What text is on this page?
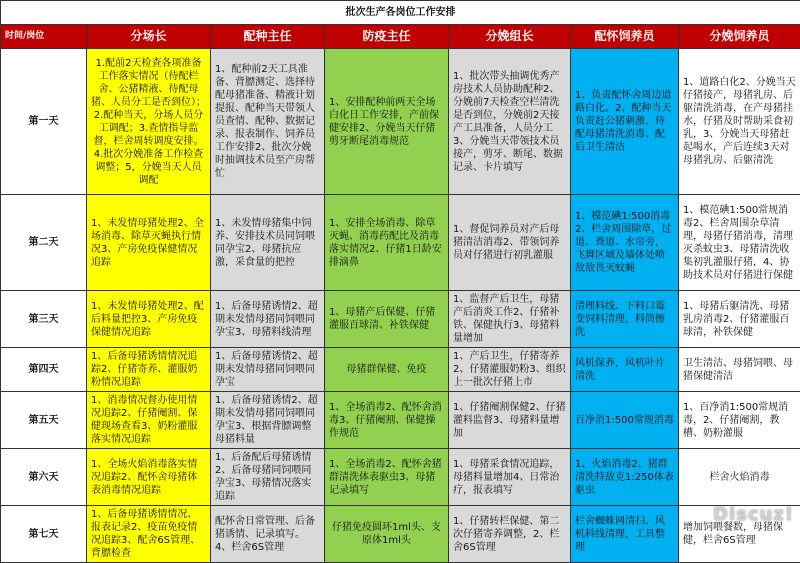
批次生产各岗位工作安排						
时间/岗位	分场长	配种主任	防疫主任	分娩组长	配怀饲养员	分娩饲养员
第一天	1.配前2天检查各项准备工作落实情况（待配栏舍、公猪精液、待配母猪、人员分工是否到位）；2.配种当天，分场人员分工调配；3.查情指导监督，栏舍周转调度安排。4.批次分娩准备工作检查调整；5，分娩当天人员调配	1、配种前2天工具准备、背膘测定、选择待配母猪准备、精液计划提报、配种当天带领人员查情、配种、数据记录、报表制作、饲养员工作安排2、批次分娩时抽调技术员至产房帮忙	1、安排配种前两天全场白化日工作安排，产前保健安排2、分娩当天仔猪剪牙断尾消毒规范	1、批次带头抽调优秀产房技术人员协助配种2、分娩前7天检查空栏清洗是否到位，分娩前2天接产工具准备，人员分工3、分娩当天带领技术员接产，剪牙、断尾、数据记录、卡片填写	1、负责配怀舍周边道路白化。2、配种当天负责赶公猪刺激、待配母猪清洗消毒、配后卫生清洁	1、道路白化2、分娩当天仔猪接产，母猪乳房、后躯清洗消毒，在产母猪挂水，仔猪及时帮助采食初乳，3、分娩当天母猪赶起喝水，产后连续3天对母猪乳房、后躯清洗
第二天	1、未发情母猪处理2、全场消毒、除草灭蝇执行情况3、产房免疫保健情况追踪	1、未发情母猪集中饲养、安排技术员同饲喂同孕宝2、母猪抗应激，采食量的把控	1、安排全场消毒、除草灭蝇、消毒药配比及消毒落实情况2、仔猪1日龄安排滴鼻	1、督促饲养员对产后母猪清洁消毒2、带领饲养员对仔猪进行初乳灌服	1、模范碘1:500消毒2、栏舍周围除草，过道、粪道、水帘旁，飞舞区域及墙体处喷敌敌畏灭蚊蝇	1、模范碘1:500常规消毒2、栏舍周围杂草清理，母猪仔猪消毒，清理灭杀蚊虫3、母猪清洗收集初乳灌服仔猪，4、协助技术员对仔猪进行保健
第三天	1、未发情母猪处理2、配后料量把控3、产房免疫保健情况追踪	1、后备母猪诱情2、超期未发情母猪同饲喂同孕宝3、母猪料线清理	1、母猪产后保健、仔猪灌服百球清、补铁保健	1、监督产后卫生，母猪产后消炎工作2、仔猪补铁、保健执行3、母猪料量增加	清理料线、下料口霉变饲料清理，料筒擦洗	1、母猪后躯清洗、母猪乳房消毒2、仔猪灌服百球清，补铁保健
第四天	1、后备母猪诱情情况追踪2、仔猪寄养、灌服奶粉情况追踪	1、后备母猪诱情2、超期未发情母猪同饲喂同孕宝	母猪群保健、免疫	1、产后卫生，仔猪寄养2、仔猪灌服奶粉3、组织上一批次仔猪上市	风机保养，风机叶片清洗	卫生清洁、母猪饲喂、母猪保健清洁
第五天	1、消毒情况督办使用情况追踪2、仔猪阉割、保健现场查看3、奶粉灌服落实情况追踪	1、后备母猪诱情2、超期未发情母猪同饲喂同孕宝3、根据背膘调整母猪料量	1、全场消毒2、配怀舍消毒3、仔猪阉割、保健操作规范	1、仔猪阉割保健2、仔猪灌料监督3、母猪料量增加	百净消1:500常规消毒	1、百净消1:500常规消毒，2、仔猪阉割，教槽、奶粉灌服
第六天	1、全场火焰消毒落实情况追踪2、配怀舍母猪体表消毒情况追踪	1、后备配后母猪诱情2、后备母猪同饲喂同孕宝3、母猪情况落实追踪	1、全场消毒2、配怀舍猪群清洗体表驱虫3、母猪记录填写	1、母猪采食情况追踪，母猪料量增加4、日常治疗，报表填写	1、火焰消毒2、猪群清洗特敌克1:250体表驱虫	栏舍火焰消毒
第七天	1、后备母猪诱情情况、报表记录2、疫苗免疫情况追踪3、配舍6S管理、背膘检查	配怀舍日常管理、后备猪诱情、记录填写。4、栏舍6S管理	仔猪免疫圆环1ml头、支原体1ml头	1、仔猪转栏保健、第二次仔猪寄养调整，2、栏舍6S管理	栏舍蜘蛛网清扫、风机料线清理，工具整理	增加饲喂餐数，母猪保健，栏舍6S管理
Discuz!
